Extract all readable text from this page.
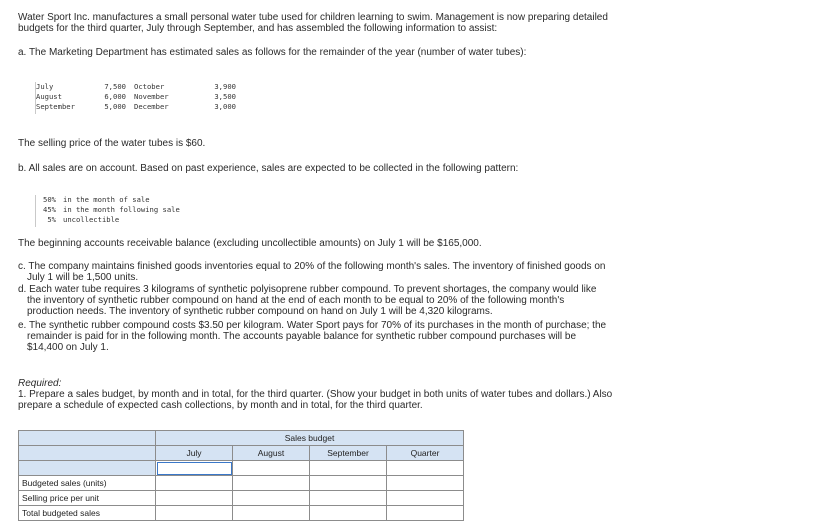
Water Sport Inc. manufactures a small personal water tube used for children learning to swim. Management is now preparing detailed
budgets for the third quarter, July through September, and has assembled the following information to assist:

a. The Marketing Department has estimated sales as follows for the remainder of the year (number of water tubes):

July	7,500	October	3,900
August	6,000	November	3,500
September	5,000	December	3,000

The selling price of the water tubes is $60.

b. All sales are on account. Based on past experience, sales are expected to be collected in the following pattern:

50% in the month of sale
45% in the month following sale
5% uncollectible

The beginning accounts receivable balance (excluding uncollectible amounts) on July 1 will be $165,000.

c. The company maintains finished goods inventories equal to 20% of the following month's sales. The inventory of finished goods on
July 1 will be 1,500 units.

d. Each water tube requires 3 kilograms of synthetic polyisoprene rubber compound. To prevent shortages, the company would like
the inventory of synthetic rubber compound on hand at the end of each month to be equal to 20% of the following month's
production needs. The inventory of synthetic rubber compound on hand on July 1 will be 4,320 kilograms.

e. The synthetic rubber compound costs $3.50 per kilogram. Water Sport pays for 70% of its purchases in the month of purchase; the
remainder is paid for in the following month. The accounts payable balance for synthetic rubber compound purchases will be
$14,400 on July 1.

Required:
1. Prepare a sales budget, by month and in total, for the third quarter. (Show your budget in both units of water tubes and dollars.) Also
prepare a schedule of expected cash collections, by month and in total, for the third quarter.
	Sales budget			
	July	August	September	Quarter

Budgeted sales (units)				
Selling price per unit				
Total budgeted sales				
